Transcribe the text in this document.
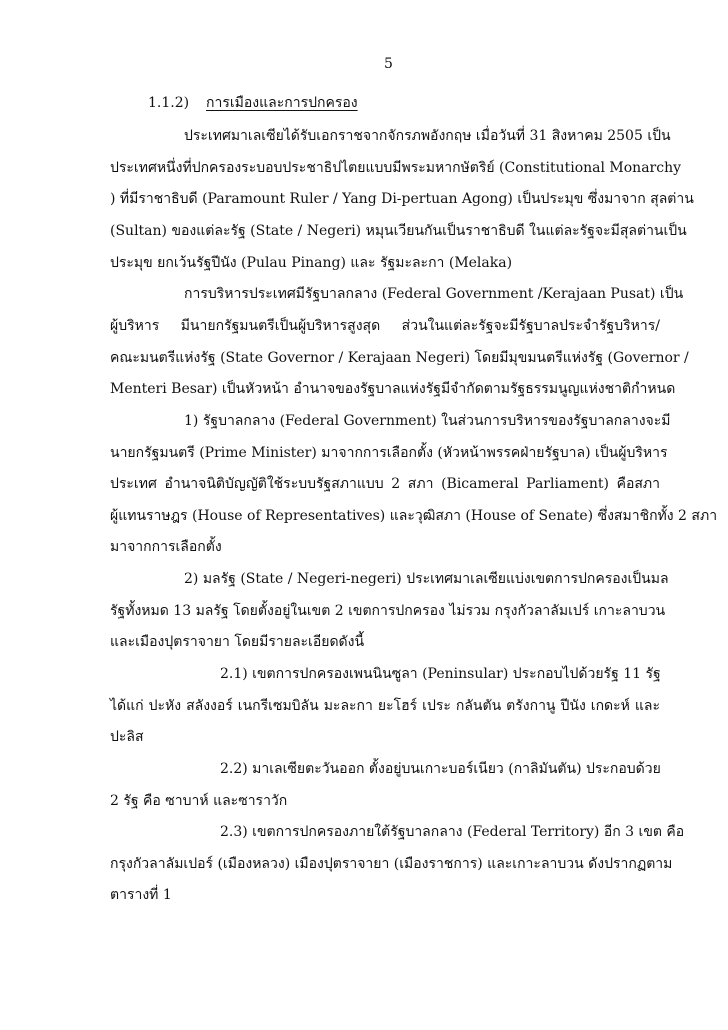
5
1.1.2) การเมืองและการปกครอง
ประเทศมาเลเซียได้รับเอกราชจากจักรภพอังกฤษ เมื่อวันที่ 31 สิงหาคม 2505 เป็น
ประเทศหนึ่งที่ปกครองระบอบประชาธิปไตยแบบมีพระมหากษัตริย์ (Constitutional Monarchy
) ที่มีราชาธิบดี (Paramount Ruler / Yang Di-pertuan Agong) เป็นประมุข ซึ่งมาจาก สุลต่าน
(Sultan) ของแต่ละรัฐ (State / Negeri) หมุนเวียนกันเป็นราชาธิบดี ในแต่ละรัฐจะมีสุลต่านเป็น
ประมุข ยกเว้นรัฐปีนัง (Pulau Pinang) และ รัฐมะละกา (Melaka)
การบริหารประเทศมีรัฐบาลกลาง (Federal Government /Kerajaan Pusat) เป็น
ผู้บริหาร มีนายกรัฐมนตรีเป็นผู้บริหารสูงสุด ส่วนในแต่ละรัฐจะมีรัฐบาลประจำรัฐบริหาร/
คณะมนตรีแห่งรัฐ (State Governor / Kerajaan Negeri) โดยมีมุขมนตรีแห่งรัฐ (Governor /
Menteri Besar) เป็นหัวหน้า อำนาจของรัฐบาลแห่งรัฐมีจำกัดตามรัฐธรรมนูญแห่งชาติกำหนด
1) รัฐบาลกลาง (Federal Government) ในส่วนการบริหารของรัฐบาลกลางจะมี
นายกรัฐมนตรี (Prime Minister) มาจากการเลือกตั้ง (หัวหน้าพรรคฝ่ายรัฐบาล) เป็นผู้บริหาร
ประเทศ อำนาจนิติบัญญัติใช้ระบบรัฐสภาแบบ 2 สภา (Bicameral Parliament) คือสภา
ผู้แทนราษฎร (House of Representatives) และวุฒิสภา (House of Senate) ซึ่งสมาชิกทั้ง 2 สภา
มาจากการเลือกตั้ง
2) มลรัฐ (State / Negeri-negeri) ประเทศมาเลเซียแบ่งเขตการปกครองเป็นมล
รัฐทั้งหมด 13 มลรัฐ โดยตั้งอยู่ในเขต 2 เขตการปกครอง ไม่รวม กรุงกัวลาลัมเปร์ เกาะลาบวน
และเมืองปุตราจายา โดยมีรายละเอียดดังนี้
2.1) เขตการปกครองเพนนินซูลา (Peninsular) ประกอบไปด้วยรัฐ 11 รัฐ
ได้แก่ ปะหัง สลังงอร์ เนกรีเซมบิลัน มะละกา ยะโฮร์ เประ กลันตัน ตรังกานู ปีนัง เกดะห์ และ
ปะลิส
2.2) มาเลเซียตะวันออก ตั้งอยู่บนเกาะบอร์เนียว (กาลิมันตัน) ประกอบด้วย
2 รัฐ คือ ซาบาห์ และซาราวัก
2.3) เขตการปกครองภายใต้รัฐบาลกลาง (Federal Territory) อีก 3 เขต คือ
กรุงกัวลาลัมเปอร์ (เมืองหลวง) เมืองปุตราจายา (เมืองราชการ) และเกาะลาบวน ดังปรากฏตาม
ตารางที่ 1
